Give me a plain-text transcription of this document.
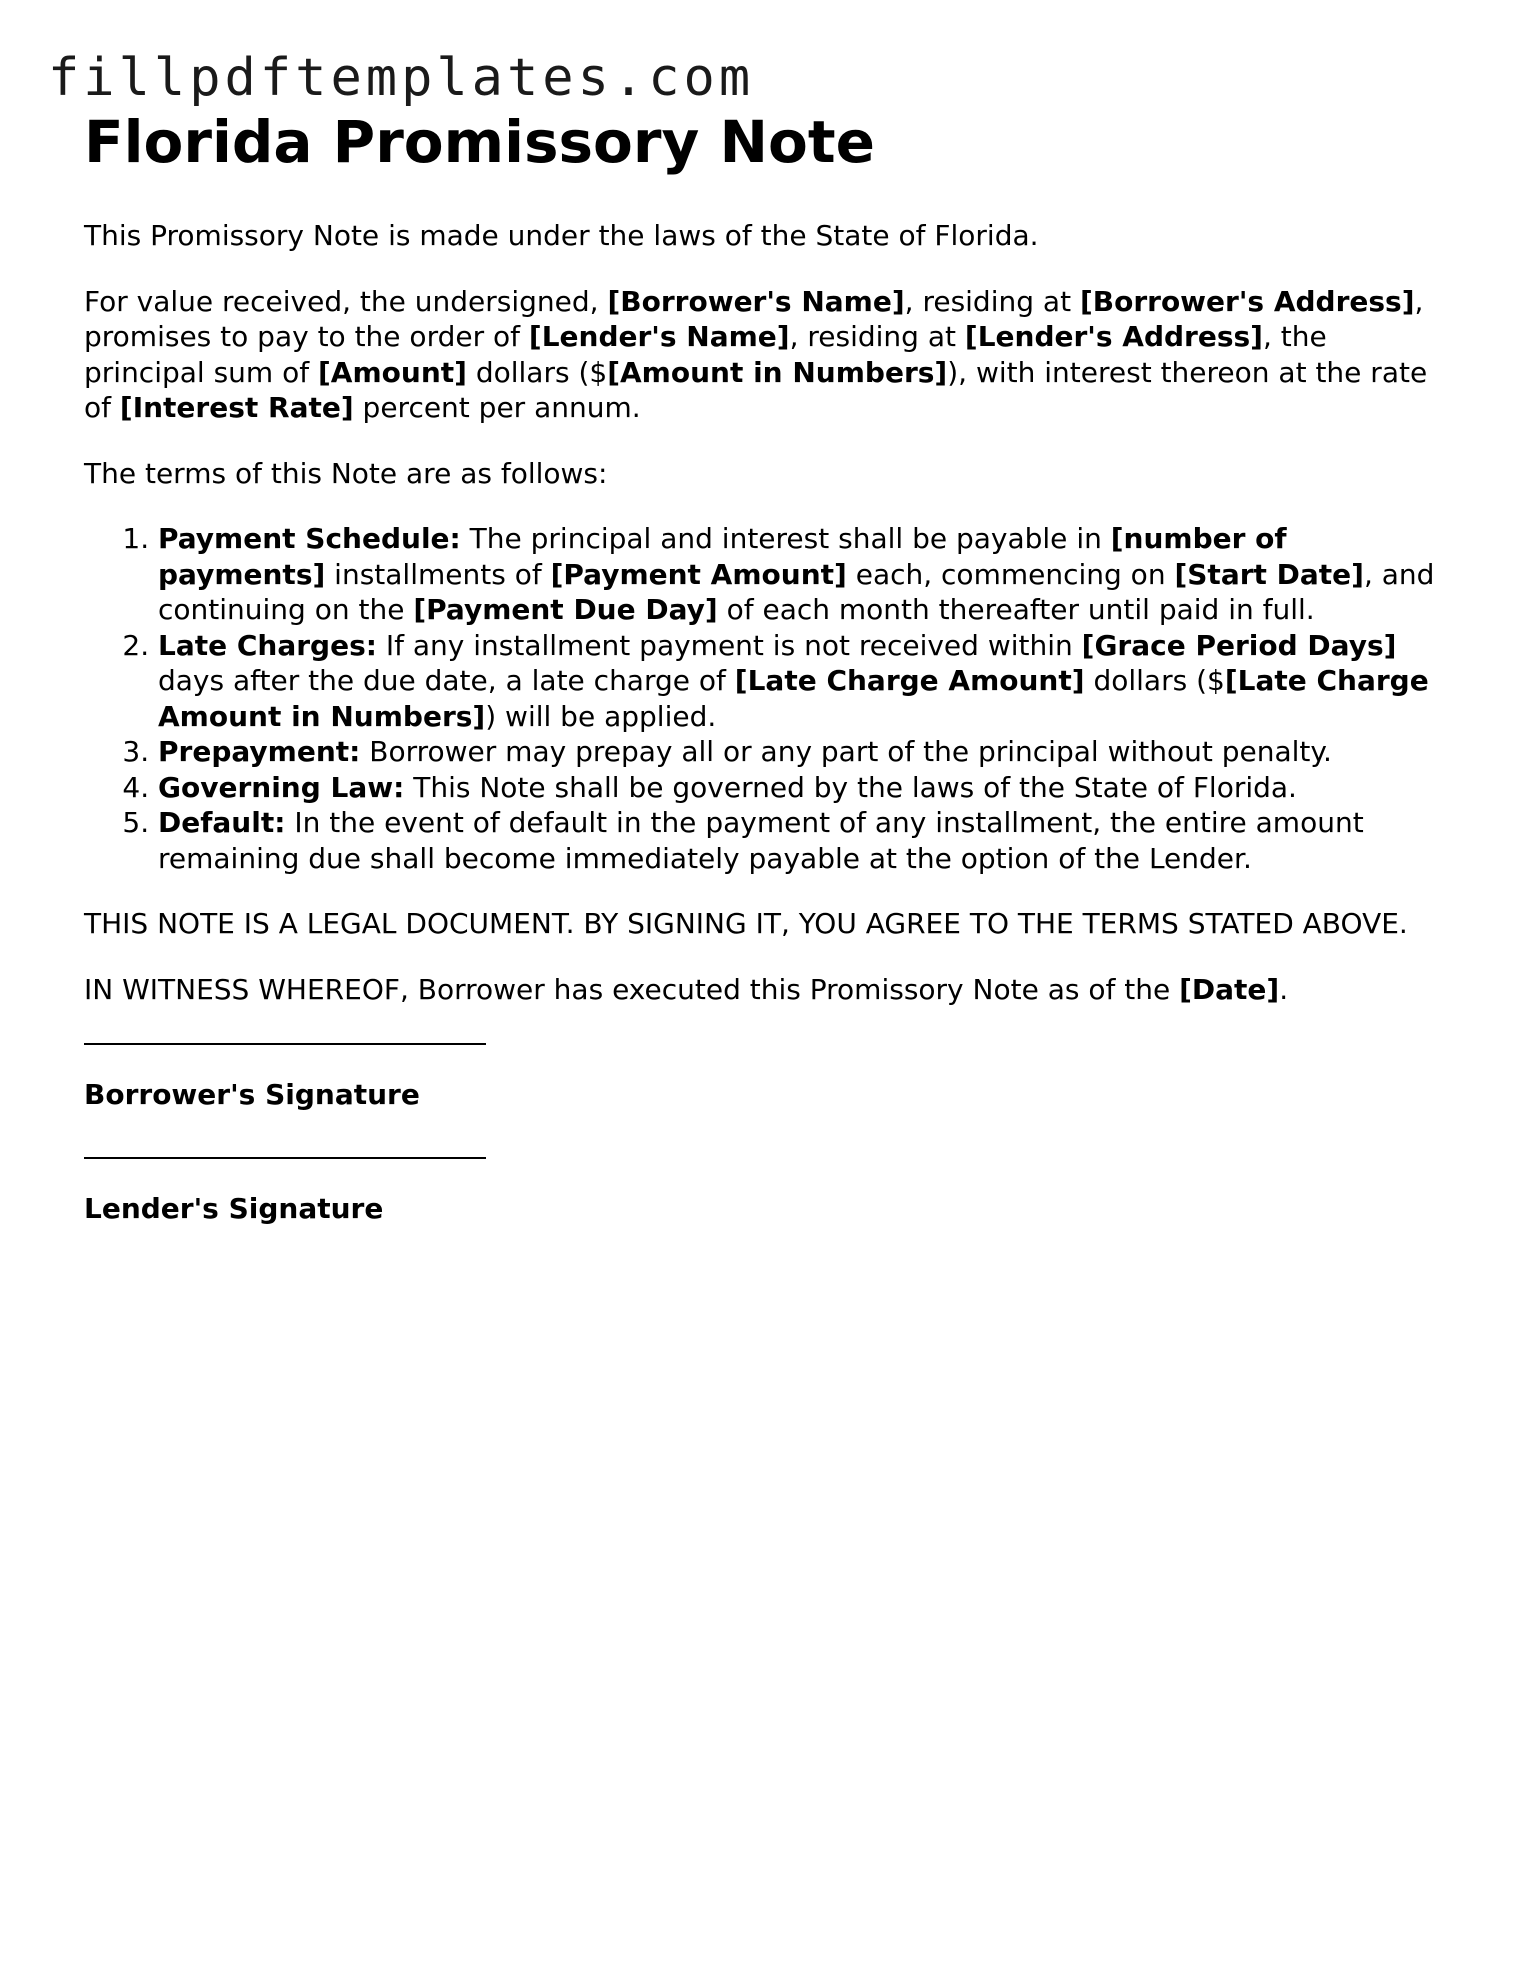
fillpdftemplates.com
Florida Promissory Note

This Promissory Note is made under the laws of the State of Florida.

For value received, the undersigned, [Borrower's Name], residing at [Borrower's Address], promises to pay to the order of [Lender's Name], residing at [Lender's Address], the principal sum of [Amount] dollars ($[Amount in Numbers]), with interest thereon at the rate of [Interest Rate] percent per annum.

The terms of this Note are as follows:

1. Payment Schedule: The principal and interest shall be payable in [number of payments] installments of [Payment Amount] each, commencing on [Start Date], and continuing on the [Payment Due Day] of each month thereafter until paid in full.
2. Late Charges: If any installment payment is not received within [Grace Period Days] days after the due date, a late charge of [Late Charge Amount] dollars ($[Late Charge Amount in Numbers]) will be applied.
3. Prepayment: Borrower may prepay all or any part of the principal without penalty.
4. Governing Law: This Note shall be governed by the laws of the State of Florida.
5. Default: In the event of default in the payment of any installment, the entire amount remaining due shall become immediately payable at the option of the Lender.

THIS NOTE IS A LEGAL DOCUMENT. BY SIGNING IT, YOU AGREE TO THE TERMS STATED ABOVE.

IN WITNESS WHEREOF, Borrower has executed this Promissory Note as of the [Date].

Borrower's Signature
Lender's Signature
